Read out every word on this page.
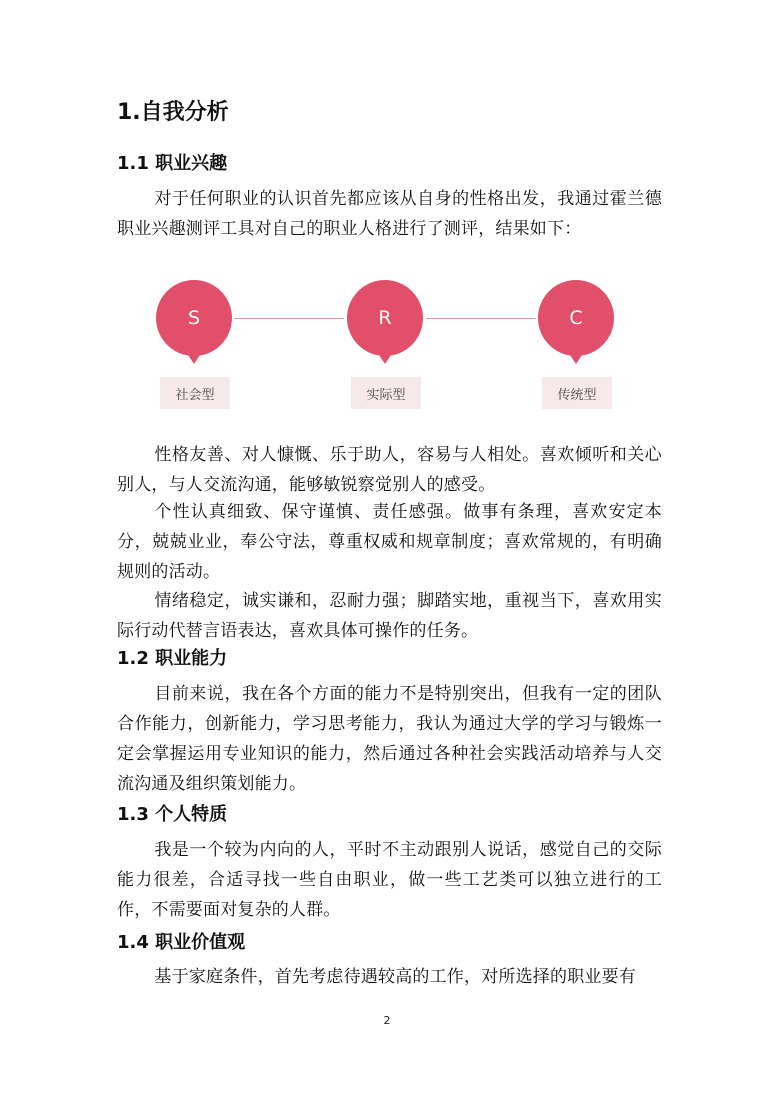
1.自我分析
1.1 职业兴趣

对于任何职业的认识首先都应该从自身的性格出发，我通过霍兰德职业兴趣测评工具对自己的职业人格进行了测评，结果如下：

S
社会型
R
实际型
C
传统型

性格友善、对人慷慨、乐于助人，容易与人相处。喜欢倾听和关心别人，与人交流沟通，能够敏锐察觉别人的感受。

个性认真细致、保守谨慎、责任感强。做事有条理，喜欢安定本分，兢兢业业，奉公守法，尊重权威和规章制度；喜欢常规的，有明确规则的活动。

情绪稳定，诚实谦和，忍耐力强；脚踏实地，重视当下，喜欢用实际行动代替言语表达，喜欢具体可操作的任务。

1.2 职业能力

目前来说，我在各个方面的能力不是特别突出，但我有一定的团队合作能力，创新能力，学习思考能力，我认为通过大学的学习与锻炼一定会掌握运用专业知识的能力，然后通过各种社会实践活动培养与人交流沟通及组织策划能力。

1.3 个人特质

我是一个较为内向的人，平时不主动跟别人说话，感觉自己的交际能力很差，合适寻找一些自由职业，做一些工艺类可以独立进行的工作，不需要面对复杂的人群。

1.4 职业价值观

基于家庭条件，首先考虑待遇较高的工作，对所选择的职业要有

2
